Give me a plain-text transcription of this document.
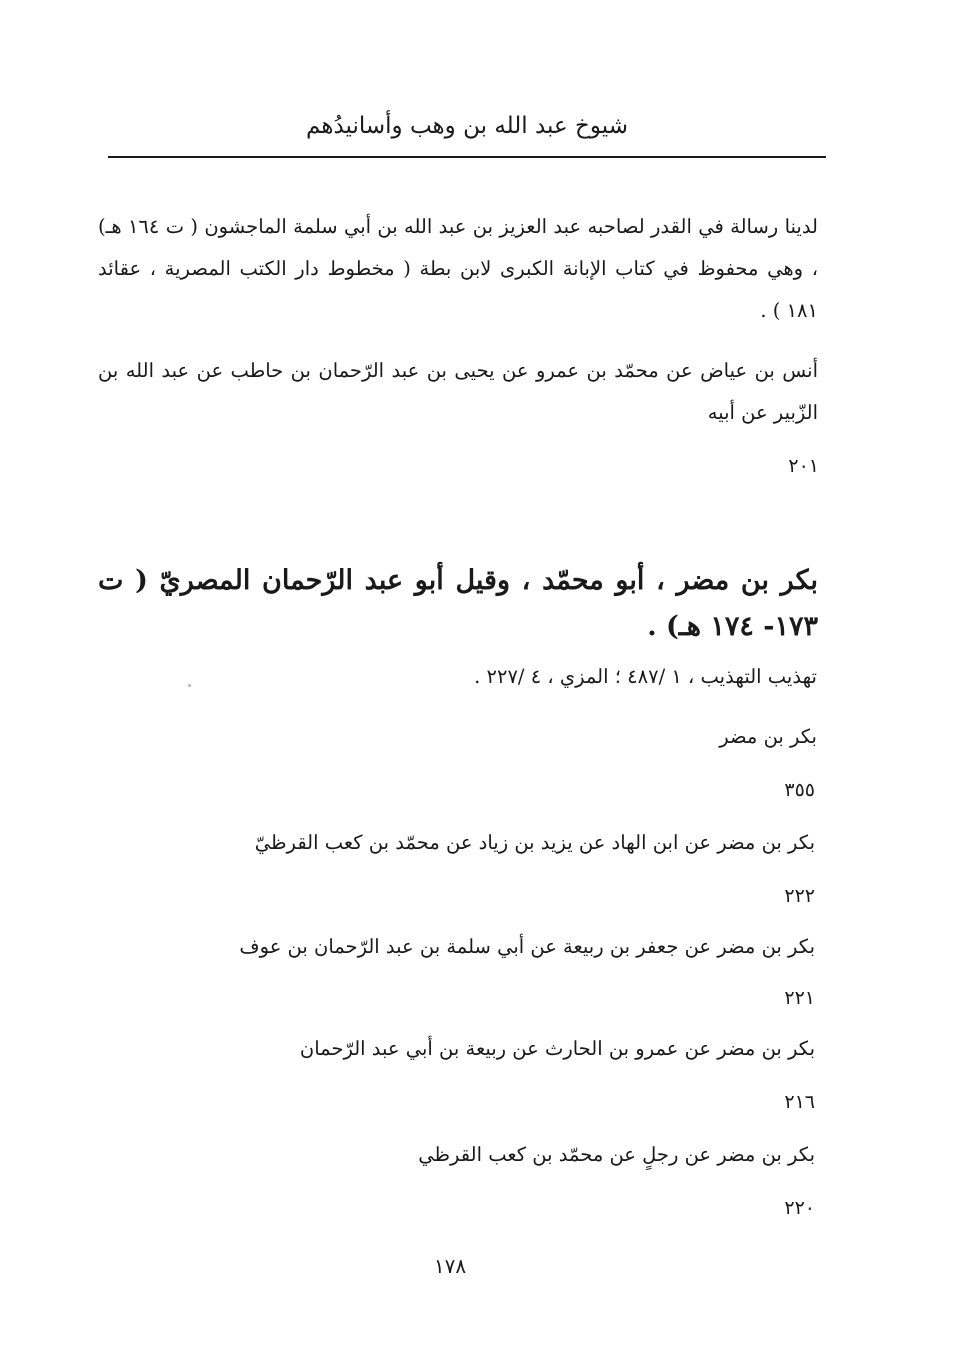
شيوخ عبد الله بن وهب وأسانيدُهم
لدينا رسالة في القدر لصاحبه عبد العزيز بن عبد الله بن أبي سلمة الماجشون ( ت ١٦٤ هـ) ، وهي محفوظ في كتاب الإبانة الكبرى لابن بطة ( مخطوط دار الكتب المصرية ، عقائد ١٨١ ) .
أنس بن عياض عن محمّد بن عمرو عن يحيى بن عبد الرّحمان بن حاطب عن عبد الله بن الزّبير عن أبيه
٢٠١
بكر بن مضر ، أبو محمّد ، وقيل أبو عبد الرّحمان المصريّ ( ت ١٧٣- ١٧٤ هـ) .
تهذيب التهذيب ، ١ /٤٨٧ ؛ المزي ، ٤ /٢٢٧ .
بكر بن مضر
٣٥٥
بكر بن مضر عن ابن الهاد عن يزيد بن زياد عن محمّد بن كعب القرظيّ
٢٢٢
بكر بن مضر عن جعفر بن ربيعة عن أبي سلمة بن عبد الرّحمان بن عوف
٢٢١
بكر بن مضر عن عمرو بن الحارث عن ربيعة بن أبي عبد الرّحمان
٢١٦
بكر بن مضر عن رجلٍ عن محمّد بن كعب القرظي
٢٢٠
١٧٨
